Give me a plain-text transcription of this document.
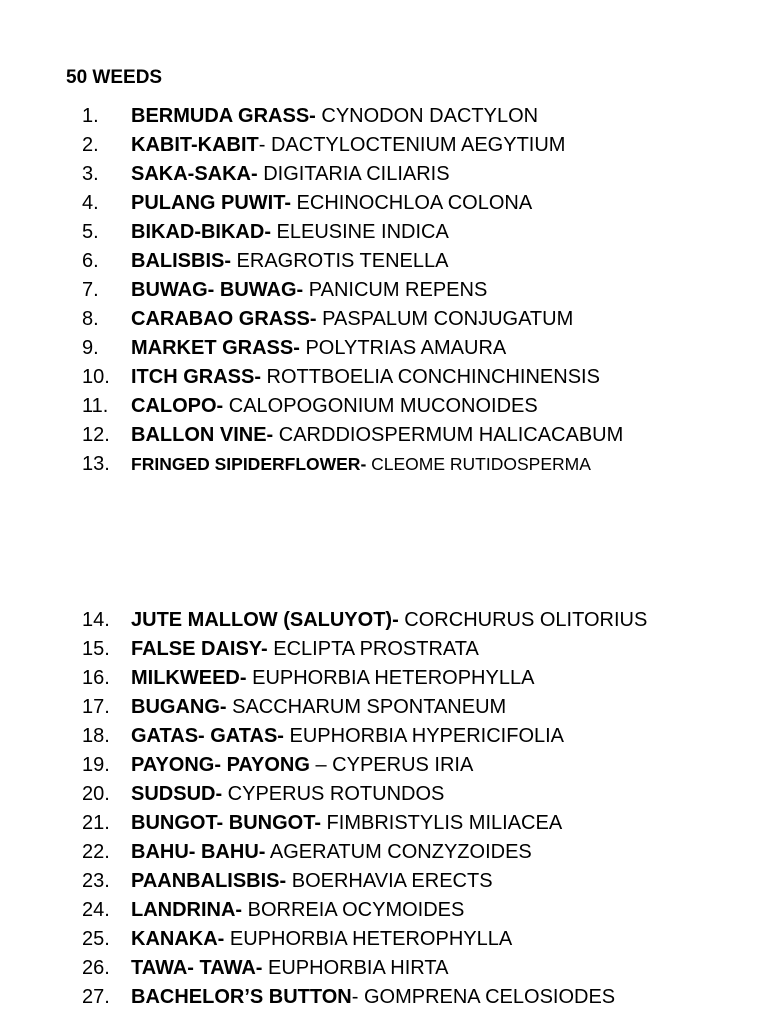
50 WEEDS
1. BERMUDA GRASS- CYNODON DACTYLON
2. KABIT-KABIT- DACTYLOCTENIUM AEGYTIUM
3. SAKA-SAKA- DIGITARIA CILIARIS
4. PULANG PUWIT- ECHINOCHLOA COLONA
5. BIKAD-BIKAD- ELEUSINE INDICA
6. BALISBIS- ERAGROTIS TENELLA
7. BUWAG- BUWAG- PANICUM REPENS
8. CARABAO GRASS- PASPALUM CONJUGATUM
9. MARKET GRASS- POLYTRIAS AMAURA
10. ITCH GRASS- ROTTBOELIA CONCHINCHINENSIS
11. CALOPO- CALOPOGONIUM MUCONOIDES
12. BALLON VINE- CARDDIOSPERMUM HALICACABUM
13. FRINGED SIPIDERFLOWER- CLEOME RUTIDOSPERMA
14. JUTE MALLOW (SALUYOT)- CORCHURUS OLITORIUS
15. FALSE DAISY- ECLIPTA PROSTRATA
16. MILKWEED- EUPHORBIA HETEROPHYLLA
17. BUGANG- SACCHARUM SPONTANEUM
18. GATAS- GATAS- EUPHORBIA HYPERICIFOLIA
19. PAYONG- PAYONG – CYPERUS IRIA
20. SUDSUD- CYPERUS ROTUNDOS
21. BUNGOT- BUNGOT- FIMBRISTYLIS MILIACEA
22. BAHU- BAHU- AGERATUM CONZYZOIDES
23. PAANBALISBIS- BOERHAVIA ERECTS
24. LANDRINA- BORREIA OCYMOIDES
25. KANAKA- EUPHORBIA HETEROPHYLLA
26. TAWA- TAWA- EUPHORBIA HIRTA
27. BACHELOR’S BUTTON- GOMPRENA CELOSIODES
